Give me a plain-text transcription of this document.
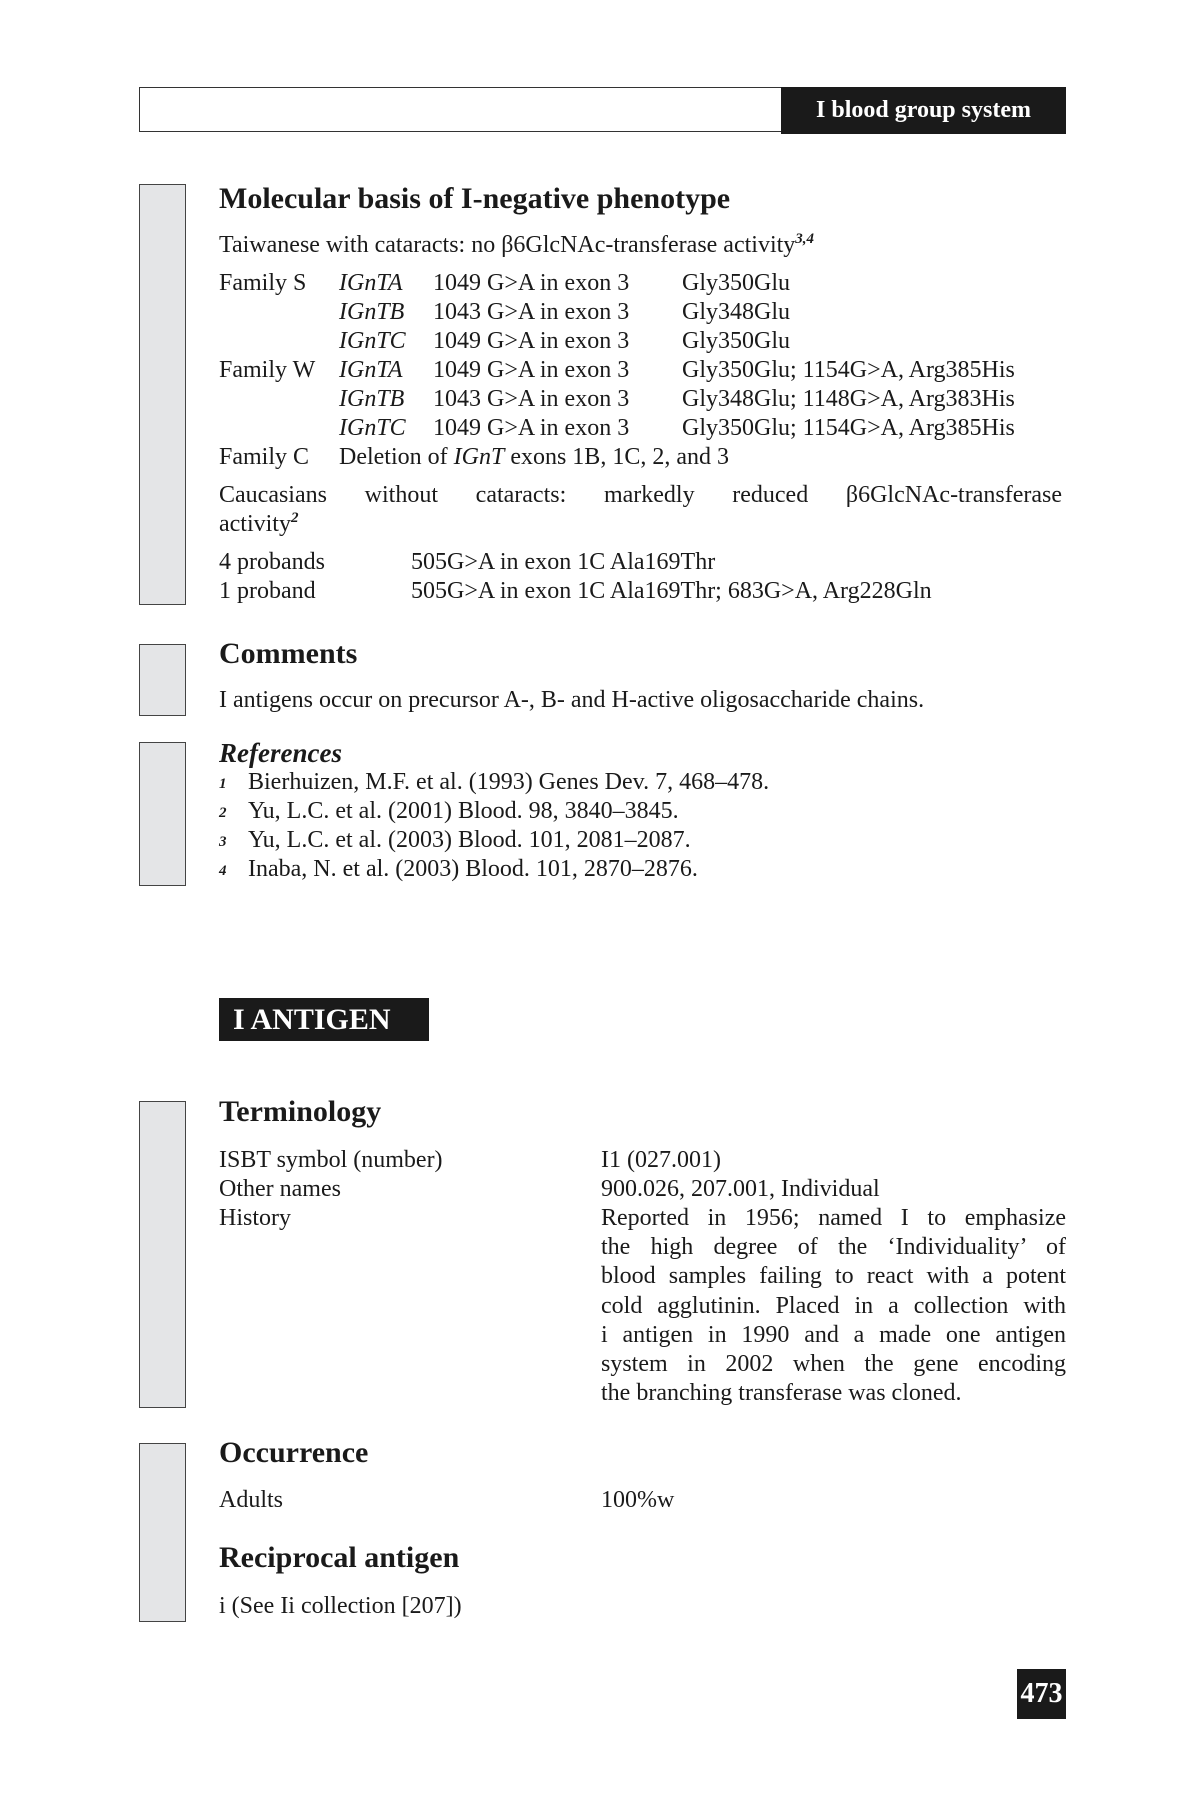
I blood group system
Molecular basis of I-negative phenotype
Taiwanese with cataracts: no β6GlcNAc-transferase activity$^{3,4}$
Family S IGnTA 1049 G>A in exon 3 Gly350Glu
IGnTB 1043 G>A in exon 3 Gly348Glu
IGnTC 1049 G>A in exon 3 Gly350Glu
Family W IGnTA 1049 G>A in exon 3 Gly350Glu; 1154G>A, Arg385His
IGnTB 1043 G>A in exon 3 Gly348Glu; 1148G>A, Arg383His
IGnTC 1049 G>A in exon 3 Gly350Glu; 1154G>A, Arg385His
Family C Deletion of IGnT exons 1B, 1C, 2, and 3
Caucasians without cataracts: markedly reduced β6GlcNAc-transferase
activity$^2$
4 probands	505G>A in exon 1C Ala169Thr
1 proband	505G>A in exon 1C Ala169Thr; 683G>A, Arg228Gln
Comments
I antigens occur on precursor A-, B- and H-active oligosaccharide chains.
References
1 Bierhuizen, M.F. et al. (1993) Genes Dev. 7, 468–478.
2 Yu, L.C. et al. (2001) Blood. 98, 3840–3845.
3 Yu, L.C. et al. (2003) Blood. 101, 2081–2087.
4 Inaba, N. et al. (2003) Blood. 101, 2870–2876.
I ANTIGEN
Terminology
ISBT symbol (number)	I1 (027.001)
Other names	900.026, 207.001, Individual
History	Reported in 1956; named I to emphasize
the high degree of the ‘Individuality’ of
blood samples failing to react with a potent
cold agglutinin. Placed in a collection with
i antigen in 1990 and a made one antigen
system in 2002 when the gene encoding
the branching transferase was cloned.
Occurrence
Adults	100%w
Reciprocal antigen
i (See Ii collection [207])
473
